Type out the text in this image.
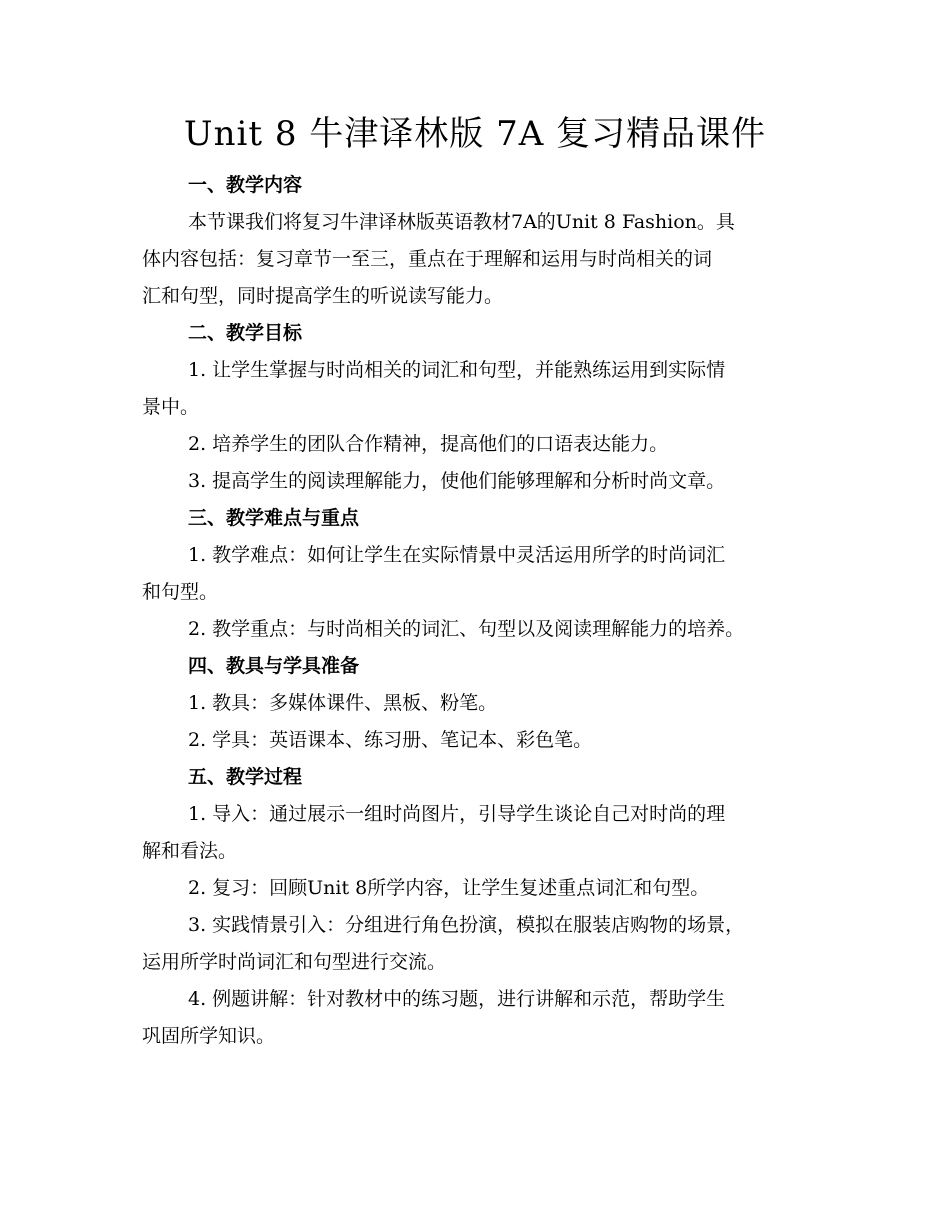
Unit 8 牛津译林版 7A 复习精品课件
一、教学内容
本节课我们将复习牛津译林版英语教材7A的Unit 8 Fashion。具
体内容包括：复习章节一至三，重点在于理解和运用与时尚相关的词
汇和句型，同时提高学生的听说读写能力。
二、教学目标
1. 让学生掌握与时尚相关的词汇和句型，并能熟练运用到实际情
景中。
2. 培养学生的团队合作精神，提高他们的口语表达能力。
3. 提高学生的阅读理解能力，使他们能够理解和分析时尚文章。
三、教学难点与重点
1. 教学难点：如何让学生在实际情景中灵活运用所学的时尚词汇
和句型。
2. 教学重点：与时尚相关的词汇、句型以及阅读理解能力的培养。
四、教具与学具准备
1. 教具：多媒体课件、黑板、粉笔。
2. 学具：英语课本、练习册、笔记本、彩色笔。
五、教学过程
1. 导入：通过展示一组时尚图片，引导学生谈论自己对时尚的理
解和看法。
2. 复习：回顾Unit 8所学内容，让学生复述重点词汇和句型。
3. 实践情景引入：分组进行角色扮演，模拟在服装店购物的场景，
运用所学时尚词汇和句型进行交流。
4. 例题讲解：针对教材中的练习题，进行讲解和示范，帮助学生
巩固所学知识。
